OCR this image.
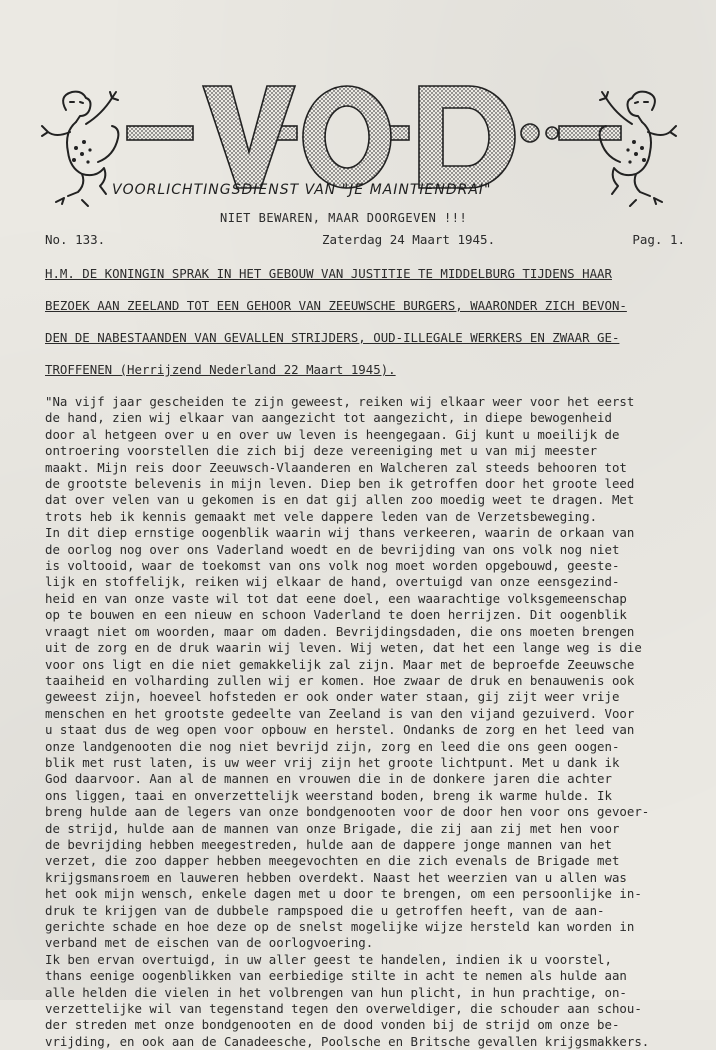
VOORLICHTINGSDIENST VAN "JE MAINTIENDRAI"
NIET BEWAREN, MAAR DOORGEVEN !!!
No. 133.	Zaterdag 24 Maart 1945.	Pag. 1.

H.M. DE KONINGIN SPRAK IN HET GEBOUW VAN JUSTITIE TE MIDDELBURG TIJDENS HAAR

BEZOEK AAN ZEELAND TOT EEN GEHOOR VAN ZEEUWSCHE BURGERS, WAARONDER ZICH BEVON-

DEN DE NABESTAANDEN VAN GEVALLEN STRIJDERS, OUD-ILLEGALE WERKERS EN ZWAAR GE-

TROFFENEN (Herrijzend Nederland 22 Maart 1945).

"Na vijf jaar gescheiden te zijn geweest, reiken wij elkaar weer voor het eerst
de hand, zien wij elkaar van aangezicht tot aangezicht, in diepe bewogenheid
door al hetgeen over u en over uw leven is heengegaan. Gij kunt u moeilijk de
ontroering voorstellen die zich bij deze vereeniging met u van mij meester
maakt. Mijn reis door Zeeuwsch-Vlaanderen en Walcheren zal steeds behooren tot
de grootste belevenis in mijn leven. Diep ben ik getroffen door het groote leed
dat over velen van u gekomen is en dat gij allen zoo moedig weet te dragen. Met
trots heb ik kennis gemaakt met vele dappere leden van de Verzetsbeweging.
In dit diep ernstige oogenblik waarin wij thans verkeeren, waarin de orkaan van
de oorlog nog over ons Vaderland woedt en de bevrijding van ons volk nog niet
is voltooid, waar de toekomst van ons volk nog moet worden opgebouwd, geeste-
lijk en stoffelijk, reiken wij elkaar de hand, overtuigd van onze eensgezind-
heid en van onze vaste wil tot dat eene doel, een waarachtige volksgemeenschap
op te bouwen en een nieuw en schoon Vaderland te doen herrijzen. Dit oogenblik
vraagt niet om woorden, maar om daden. Bevrijdingsdaden, die ons moeten brengen
uit de zorg en de druk waarin wij leven. Wij weten, dat het een lange weg is die
voor ons ligt en die niet gemakkelijk zal zijn. Maar met de beproefde Zeeuwsche
taaiheid en volharding zullen wij er komen. Hoe zwaar de druk en benauwenis ook
geweest zijn, hoeveel hofsteden er ook onder water staan, gij zijt weer vrije
menschen en het grootste gedeelte van Zeeland is van den vijand gezuiverd. Voor
u staat dus de weg open voor opbouw en herstel. Ondanks de zorg en het leed van
onze landgenooten die nog niet bevrijd zijn, zorg en leed die ons geen oogen-
blik met rust laten, is uw weer vrij zijn het groote lichtpunt. Met u dank ik
God daarvoor. Aan al de mannen en vrouwen die in de donkere jaren die achter
ons liggen, taai en onverzettelijk weerstand boden, breng ik warme hulde. Ik
breng hulde aan de legers van onze bondgenooten voor de door hen voor ons gevoer-
de strijd, hulde aan de mannen van onze Brigade, die zij aan zij met hen voor
de bevrijding hebben meegestreden, hulde aan de dappere jonge mannen van het
verzet, die zoo dapper hebben meegevochten en die zich evenals de Brigade met
krijgsmansroem en lauweren hebben overdekt. Naast het weerzien van u allen was
het ook mijn wensch, enkele dagen met u door te brengen, om een persoonlijke in-
druk te krijgen van de dubbele rampspoed die u getroffen heeft, van de aan-
gerichte schade en hoe deze op de snelst mogelijke wijze hersteld kan worden in
verband met de eischen van de oorlogvoering.
Ik ben ervan overtuigd, in uw aller geest te handelen, indien ik u voorstel,
thans eenige oogenblikken van eerbiedige stilte in acht te nemen als hulde aan
alle helden die vielen in het volbrengen van hun plicht, in hun prachtige, on-
verzettelijke wil van tegenstand tegen den overweldiger, die schouder aan schou-
der streden met onze bondgenooten en de dood vonden bij de strijd om onze be-
vrijding, en ook aan de Canadeesche, Poolsche en Britsche gevallen krijgsmakkers.
